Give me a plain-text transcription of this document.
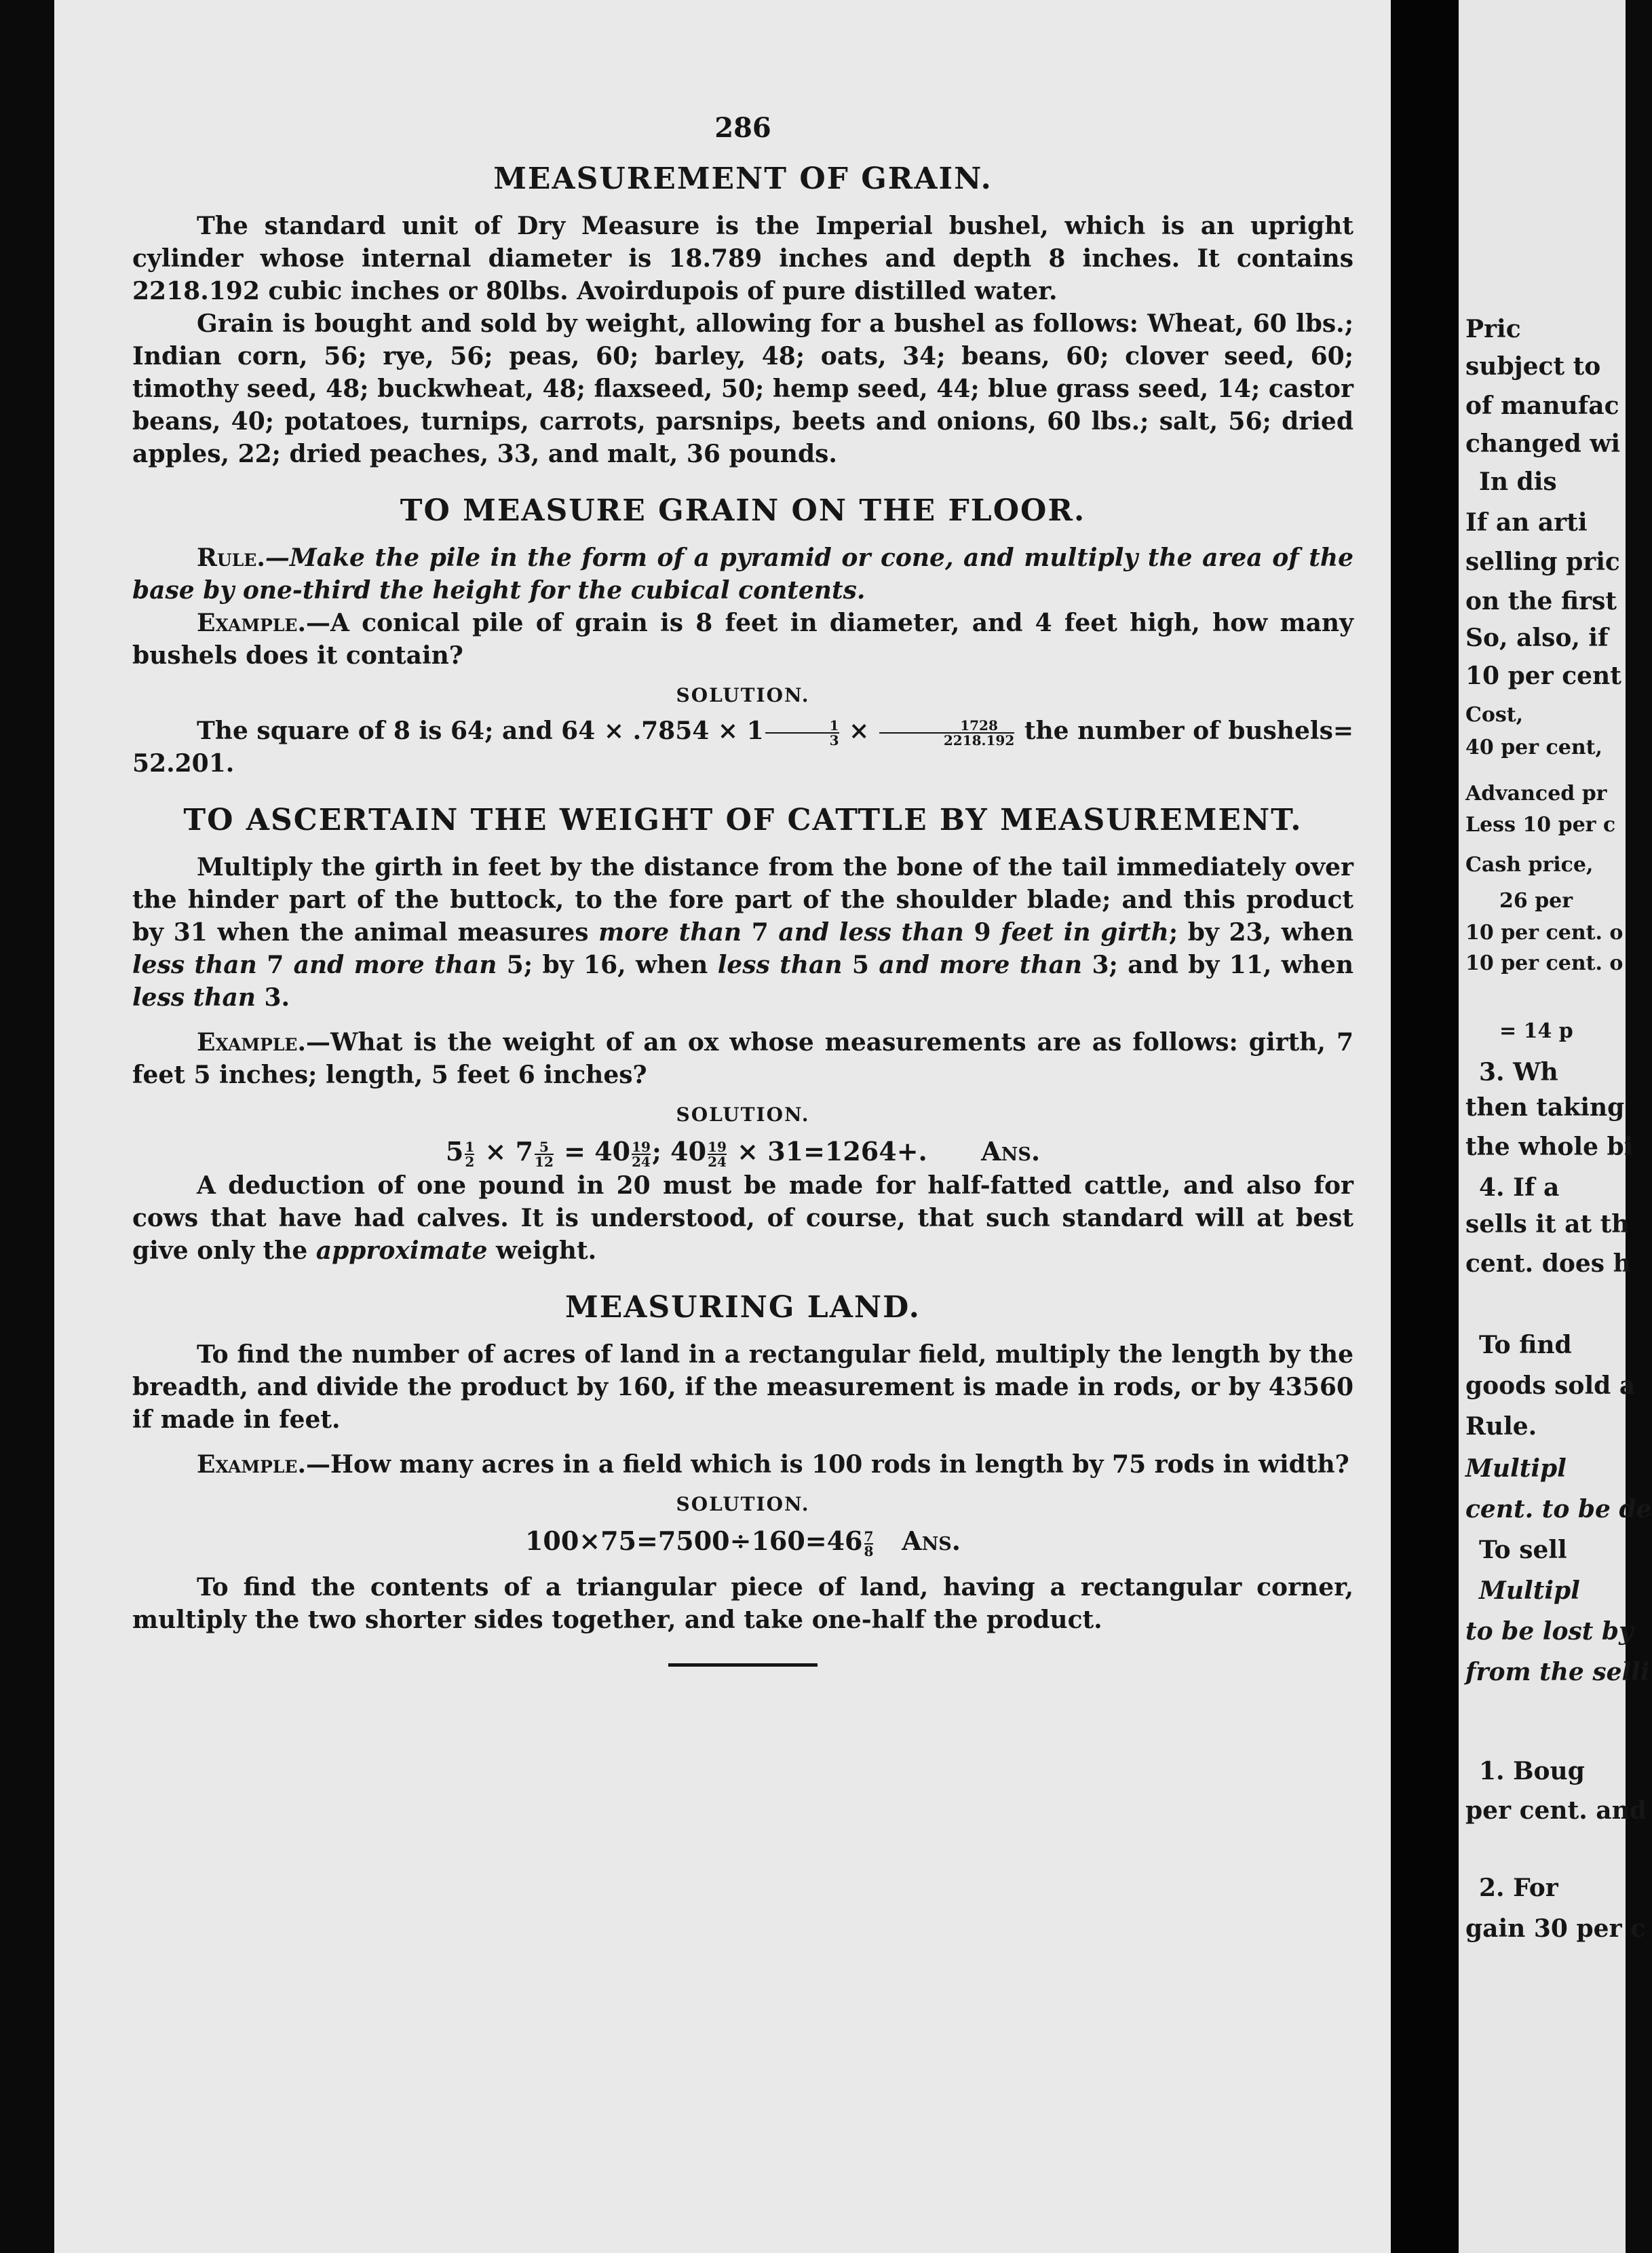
286
MEASUREMENT OF GRAIN.

The standard unit of Dry Measure is the Imperial bushel, which is an upright cylinder whose internal diameter is 18.789 inches and depth 8 inches. It contains 2218.192 cubic inches or 80lbs. Avoirdupois of pure distilled water.

Grain is bought and sold by weight, allowing for a bushel as follows: Wheat, 60 lbs.; Indian corn, 56; rye, 56; peas, 60; barley, 48; oats, 34; beans, 60; clover seed, 60; timothy seed, 48; buckwheat, 48; flaxseed, 50; hemp seed, 44; blue grass seed, 14; castor beans, 40; potatoes, turnips, carrots, parsnips, beets and onions, 60 lbs.; salt, 56; dried apples, 22; dried peaches, 33, and malt, 36 pounds.

TO MEASURE GRAIN ON THE FLOOR.

Rule.—Make the pile in the form of a pyramid or cone, and multiply the area of the base by one-third the height for the cubical contents.

Example.—A conical pile of grain is 8 feet in diameter, and 4 feet high, how many bushels does it contain?

SOLUTION.

The square of 8 is 64; and $64 \times .7854 \times 1 \frac{1}{3} \times \frac{1728}{2218.192}$ the number of bushels= 52.201.

TO ASCERTAIN THE WEIGHT OF CATTLE BY MEASUREMENT.

Multiply the girth in feet by the distance from the bone of the tail immediately over the hinder part of the buttock, to the fore part of the shoulder blade; and this product by 31 when the animal measures more than 7 and less than 9 feet in girth; by 23, when less than 7 and more than 5; by 16, when less than 5 and more than 3; and by 11, when less than 3.

Example.—What is the weight of an ox whose measurements are as follows: girth, 7 feet 5 inches; length, 5 feet 6 inches?

SOLUTION.
$5 \frac{1}{2} \times 7 \frac{5}{12} = 40 \frac{19}{24}$ ; $40 \frac{19}{24} \times 31=1264+$. Ans.

A deduction of one pound in 20 must be made for half-fatted cattle, and also for cows that have had calves. It is understood, of course, that such standard will at best give only the approximate weight.

MEASURING LAND.

To find the number of acres of land in a rectangular field, multiply the length by the breadth, and divide the product by 160, if the measurement is made in rods, or by 43560 if made in feet.

Example.—How many acres in a field which is 100 rods in length by 75 rods in width?

SOLUTION.
$100\times 75=7500\div 160=46 \frac{7}{8}$ Ans.

To find the contents of a triangular piece of land, having a rectangular corner, multiply the two shorter sides together, and take one-half the product.

Pric
subject to
of manufac
changed wi
In dis
If an arti
selling pric
on the first
So, also, if
10 per cent
Cost,
40 per cent,
Advanced pr
Less 10 per c
Cash price,
26 per
10 per cent. o
10 per cent. o
= 14 p
3. Wh
then taking
the whole bi
4. If a
sells it at th
cent. does h
To find
goods sold a
Rule.
Multipl
cent. to be de
To sell
Multipl
to be lost by
from the selli
1. Boug
per cent. and
2. For
gain 30 per c
